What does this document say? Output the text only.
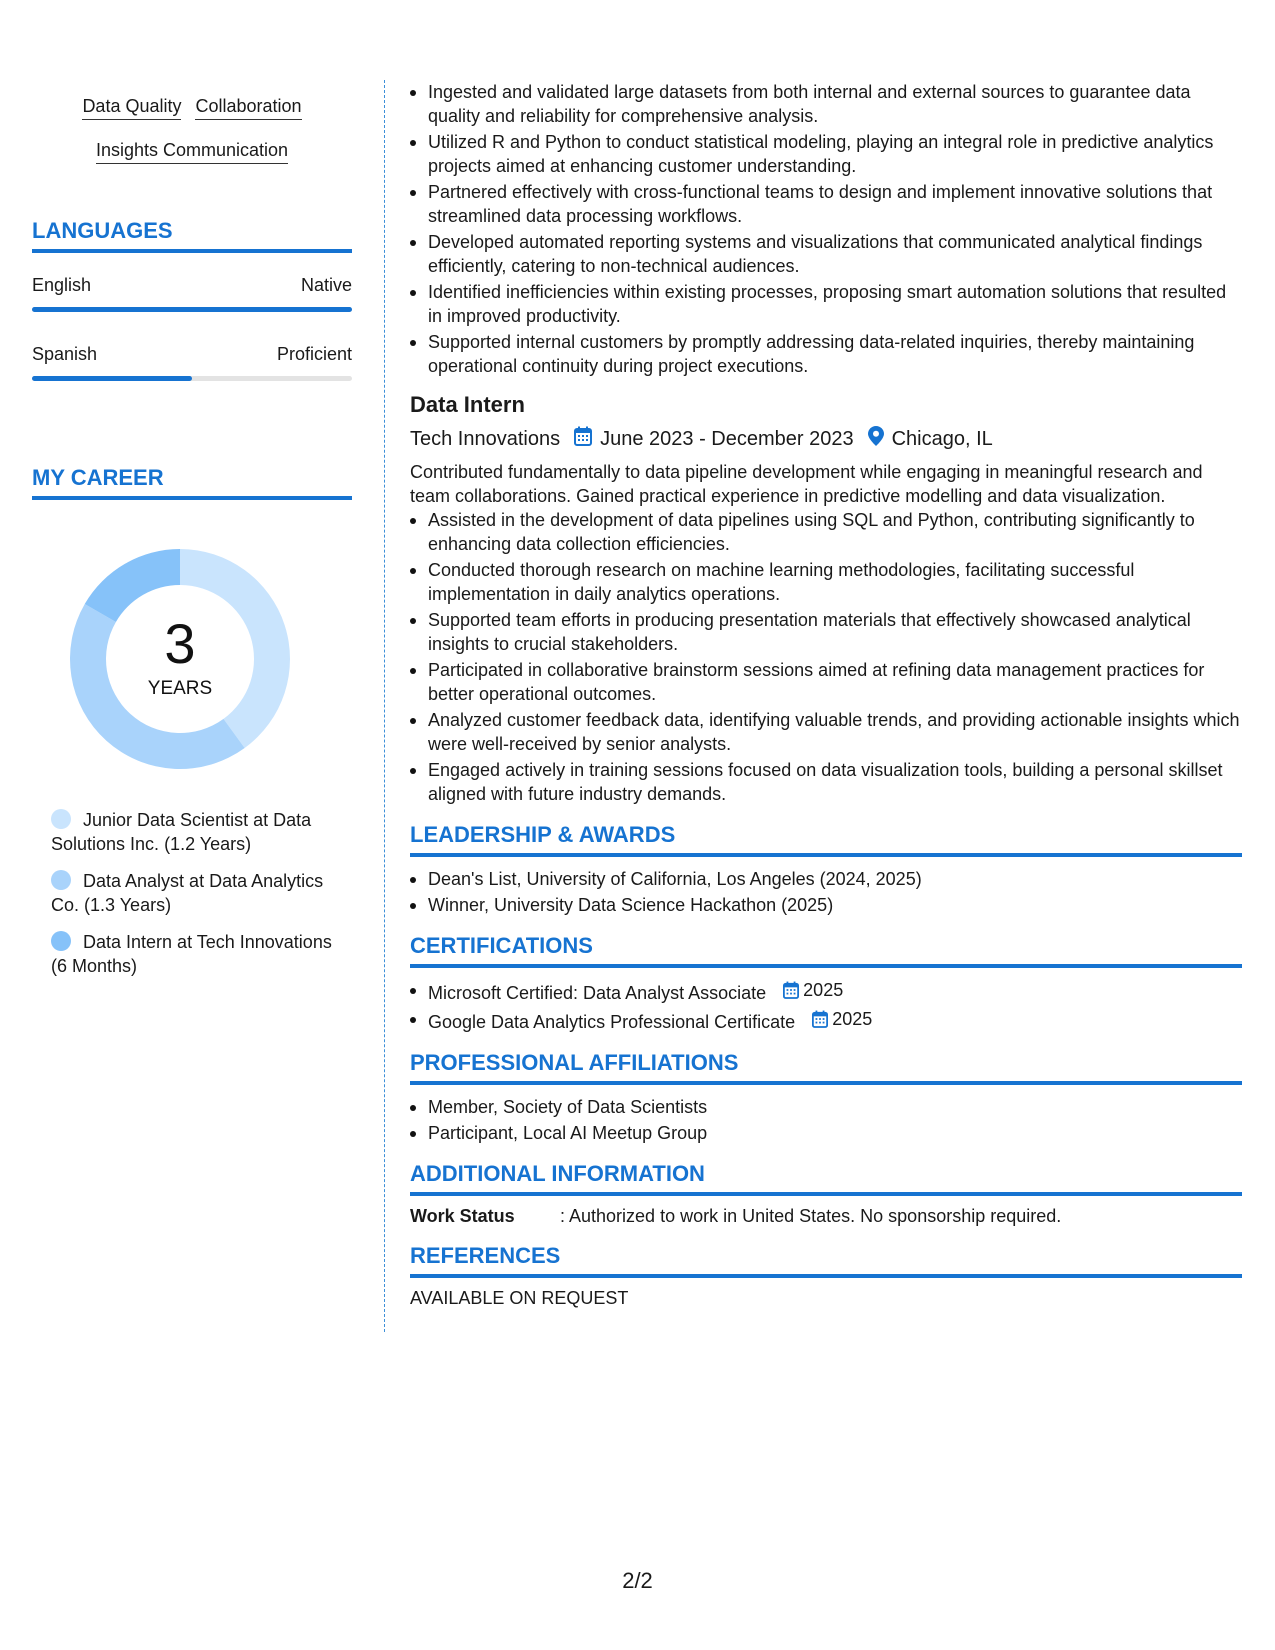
Data Quality Collaboration
Insights Communication
LANGUAGES
English	Native
Spanish	Proficient
MY CAREER
3
YEARS
Junior Data Scientist at Data Solutions Inc. (1.2 Years)
Data Analyst at Data Analytics Co. (1.3 Years)
Data Intern at Tech Innovations (6 Months)
Ingested and validated large datasets from both internal and external sources to guarantee data quality and reliability for comprehensive analysis.
Utilized R and Python to conduct statistical modeling, playing an integral role in predictive analytics projects aimed at enhancing customer understanding.
Partnered effectively with cross-functional teams to design and implement innovative solutions that streamlined data processing workflows.
Developed automated reporting systems and visualizations that communicated analytical findings efficiently, catering to non-technical audiences.
Identified inefficiencies within existing processes, proposing smart automation solutions that resulted in improved productivity.
Supported internal customers by promptly addressing data-related inquiries, thereby maintaining operational continuity during project executions.
Data Intern
Tech Innovations June 2023 - December 2023 Chicago, IL
Contributed fundamentally to data pipeline development while engaging in meaningful research and team collaborations. Gained practical experience in predictive modelling and data visualization.
Assisted in the development of data pipelines using SQL and Python, contributing significantly to enhancing data collection efficiencies.
Conducted thorough research on machine learning methodologies, facilitating successful implementation in daily analytics operations.
Supported team efforts in producing presentation materials that effectively showcased analytical insights to crucial stakeholders.
Participated in collaborative brainstorm sessions aimed at refining data management practices for better operational outcomes.
Analyzed customer feedback data, identifying valuable trends, and providing actionable insights which were well-received by senior analysts.
Engaged actively in training sessions focused on data visualization tools, building a personal skillset aligned with future industry demands.
LEADERSHIP & AWARDS
Dean's List, University of California, Los Angeles (2024, 2025)
Winner, University Data Science Hackathon (2025)
CERTIFICATIONS
Microsoft Certified: Data Analyst Associate 2025
Google Data Analytics Professional Certificate 2025
PROFESSIONAL AFFILIATIONS
Member, Society of Data Scientists
Participant, Local AI Meetup Group
ADDITIONAL INFORMATION
Work Status	: Authorized to work in United States. No sponsorship required.
REFERENCES
AVAILABLE ON REQUEST
2/2
